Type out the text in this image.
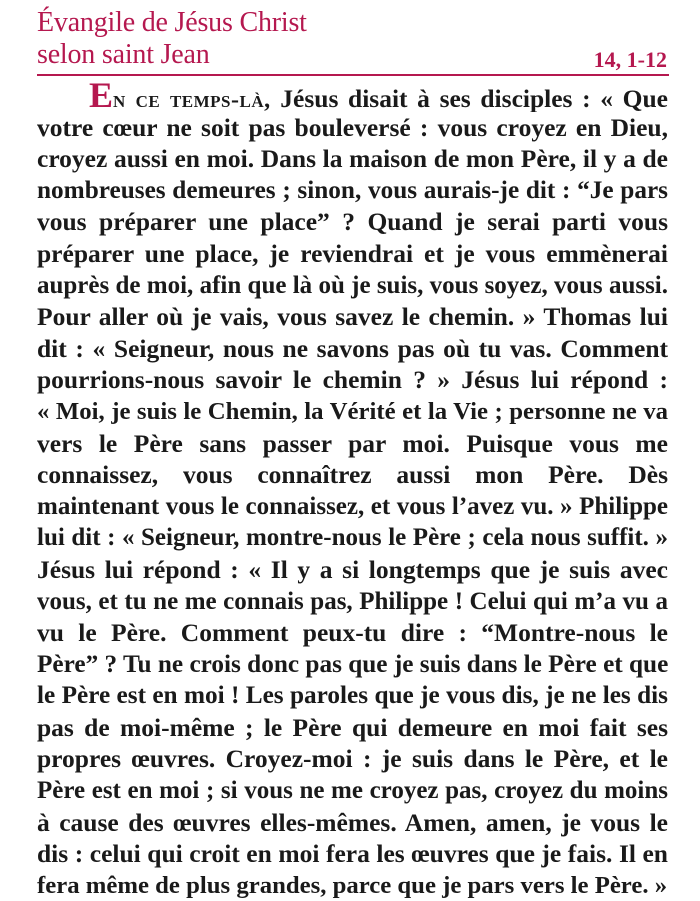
Évangile de Jésus Christ
selon saint Jean	14, 1-12
En ce temps-là, Jésus disait à ses disciples : « Que
votre cœur ne soit pas bouleversé : vous croyez en Dieu,
croyez aussi en moi. Dans la maison de mon Père, il y a de
nombreuses demeures ; sinon, vous aurais-je dit : “Je pars
vous préparer une place” ? Quand je serai parti vous
préparer une place, je reviendrai et je vous emmènerai
auprès de moi, afin que là où je suis, vous soyez, vous aussi.
Pour aller où je vais, vous savez le chemin. » Thomas lui
dit : « Seigneur, nous ne savons pas où tu vas. Comment
pourrions-nous savoir le chemin ? » Jésus lui répond :
« Moi, je suis le Chemin, la Vérité et la Vie ; personne ne va
vers le Père sans passer par moi. Puisque vous me
connaissez, vous connaîtrez aussi mon Père. Dès
maintenant vous le connaissez, et vous l’avez vu. » Philippe
lui dit : « Seigneur, montre-nous le Père ; cela nous suffit. »
Jésus lui répond : « Il y a si longtemps que je suis avec
vous, et tu ne me connais pas, Philippe ! Celui qui m’a vu a
vu le Père. Comment peux-tu dire : “Montre-nous le
Père” ? Tu ne crois donc pas que je suis dans le Père et que
le Père est en moi ! Les paroles que je vous dis, je ne les dis
pas de moi-même ; le Père qui demeure en moi fait ses
propres œuvres. Croyez-moi : je suis dans le Père, et le
Père est en moi ; si vous ne me croyez pas, croyez du moins
à cause des œuvres elles-mêmes. Amen, amen, je vous le
dis : celui qui croit en moi fera les œuvres que je fais. Il en
fera même de plus grandes, parce que je pars vers le Père. »
